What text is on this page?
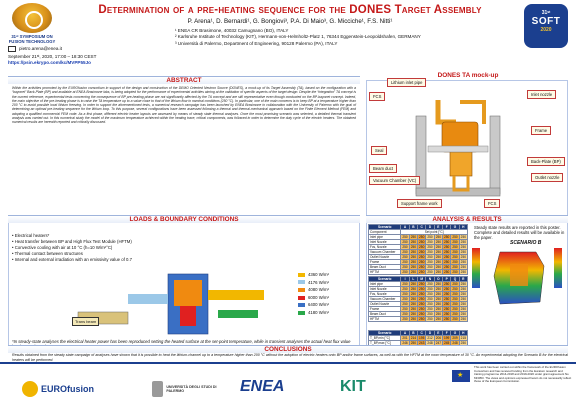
31ˢᵗ SYMPOSIUM ON FUSION TECHNOLOGY
31ˢᵗ
SOFT
2020
Determination of a pre-heating sequence for the DONES Target Assembly
P. Arena¹, D. Bernardi¹, G. Bongiovi³, P.A. Di Maio³, G. Micciche¹, F.S. Nitti¹
¹ ENEA CR Brasimone, 40032 Camugnano (BO), ITALY
² Karlsruhe Institute of Technology (KIT), Hermann-von-Helmholtz-Platz 1, 76344 Eggenstein-Leopoldshafen, GERMANY
³ Università di Palermo, Department of Engineering, 90128 Palermo (PA), ITALY
pietro.arena@enea.it
September 21ˢᵗ, 2020, 17:00 – 18:30 CEST
https://psin.ekrypo.com/kc/MVPP55Jo
ABSTRACT
Within the activities promoted by the EUROfusion consortium in support of the design and construction of the DEMO Oriented Neutron Source (DONES), a mock-up of its Target Assembly (TA), based on the configuration with a “bayonet” Back-Plate (BP) and available at ENEA Brasimone labs, is being adopted for the performance of experimental activities aiming at the validation of specific aspects of the target design. Despite the “integration” TA concept is the current reference, experimental tests concerning the consequence of BP pre-heating phase are not significantly affected by the TA concept and are still representative even though conducted on the BP-bayonet concept. Indeed, the main objective of the pre-heating phase is to raise the TA temperature up to a value close to that of the lithium flow in nominal conditions (250 °C). In particular, one of the main concerns is to keep BP at a temperature higher than 200 °C to avoid possible local lithium freezing. In order to support the aforementioned tests, a numerical research campaign has been launched by ENEA Brasimone in collaboration with the University of Palermo with the goal of determining an optimal pre-heating sequence for the lithium loop. To this purpose, several configurations have been assessed following a thermal and thermal-mechanical approach based on the Finite Element Method (FEM) and adopting a qualified commercial FEM code. As a first phase, different electric heater layouts are assessed by means of steady state thermal analyses. Once the most promising scenario was selected, a detailed thermal transient analysis was carried out. In this numerical study the model of the maximum temperature achieved within the heating trace, critical components, was followed in order to determine the duty cycle of the electric heaters. The obtained numerical results are herewith reported and critically discussed.
DONES TA mock-up
Lithium inlet pipe
FCS	Inlet nozzle
Frame
Seal
Back-Plate (BP)
Beam duct
Outlet nozzle
Vacuum Chamber (VC)
Support frame work	FCS
LOADS & BOUNDARY CONDITIONS
• Electrical heaters*
• Heat transfer between BP and High Flux Test Module (HFTM)
• Convective cooling with air at 10 °C (h=10 W/m²°C)
• Thermal contact between structures
• Internal and external irradiation with an emissivity value of 0.7
Trans beam
4360 W/m²
4176 W/m²
4080 W/m²
6000 W/m²
6400 W/m²
4180 W/m²
*In steady-state analyses the electrical heater power has been reproduced setting the heated surface at the set-point temperature, while in transient analyses the actual heat flux value
ANALYSIS & RESULTS
Steady state results are reported in this poster. Complete and detailed results will be available in the paper.
SCENARIO B
Scenario	A	B	C	D	E	F	G	H
Component	Set point [°C]							
Inlet pipe	250	250	250	250	250	250	250	250
Inlet Nozzle	250	250	250	250	250	250	250	250
Fcs, Nozzle	250	250	250	250	250	250	250	250
Vacuum Chamber	250	250	250	250	250	250	250	250
Outlet Nozzle	250	250	250	250	250	250	250	250
Frame	250	250	250	250	250	250	250	250
Beam Duct	250	250	250	250	250	250	250	250
HFTM	250	250	250	250	250	250	250	250
Scenario	I	L	M	N	O	P	Q	R
Inlet pipe	250	250	250	250	250	250	250	250
Inlet Nozzle	250	250	250	250	250	250	250	250
Fcs, Nozzle	250	250	250	250	250	250	250	250
Vacuum Chamber	250	250	250	250	250	250	250	250
Outlet Nozzle	250	250	250	250	250	250	250	250
Frame	250	250	250	250	250	250	250	250
Beam Duct	250	250	250	250	250	250	250	250
HFTM	250	250	250	250	250	250	250	250
Scenario	A	B	C	D	E	F	G	H
T_BP,min [°C]	201	214	195	212	206	199	209	215
T_BP,max [°C]	246	250	243	248	247	245	248	250
CONCLUSIONS
Results obtained from the steady state campaign of analyses have shown that it is possible to heat the lithium-channel up to a temperature higher than 200 °C without the adoption of electric heaters onto BP and/or frame surfaces, as well as with the HFTM at the room temperature of 30 °C. An experimental adopting the Scenario B for the electrical heaters will be performed.
EUROfusion	UNIVERSITÀ DEGLI STUDI DI PALERMO	ENEA	KIT
★
This work has been carried out within the framework of the EUROfusion Consortium and has received funding from the Euratom research and training programme 2014-2018 and 2019-2020 under grant agreement No 633053. The views and opinions expressed herein do not necessarily reflect those of the European Commission.
